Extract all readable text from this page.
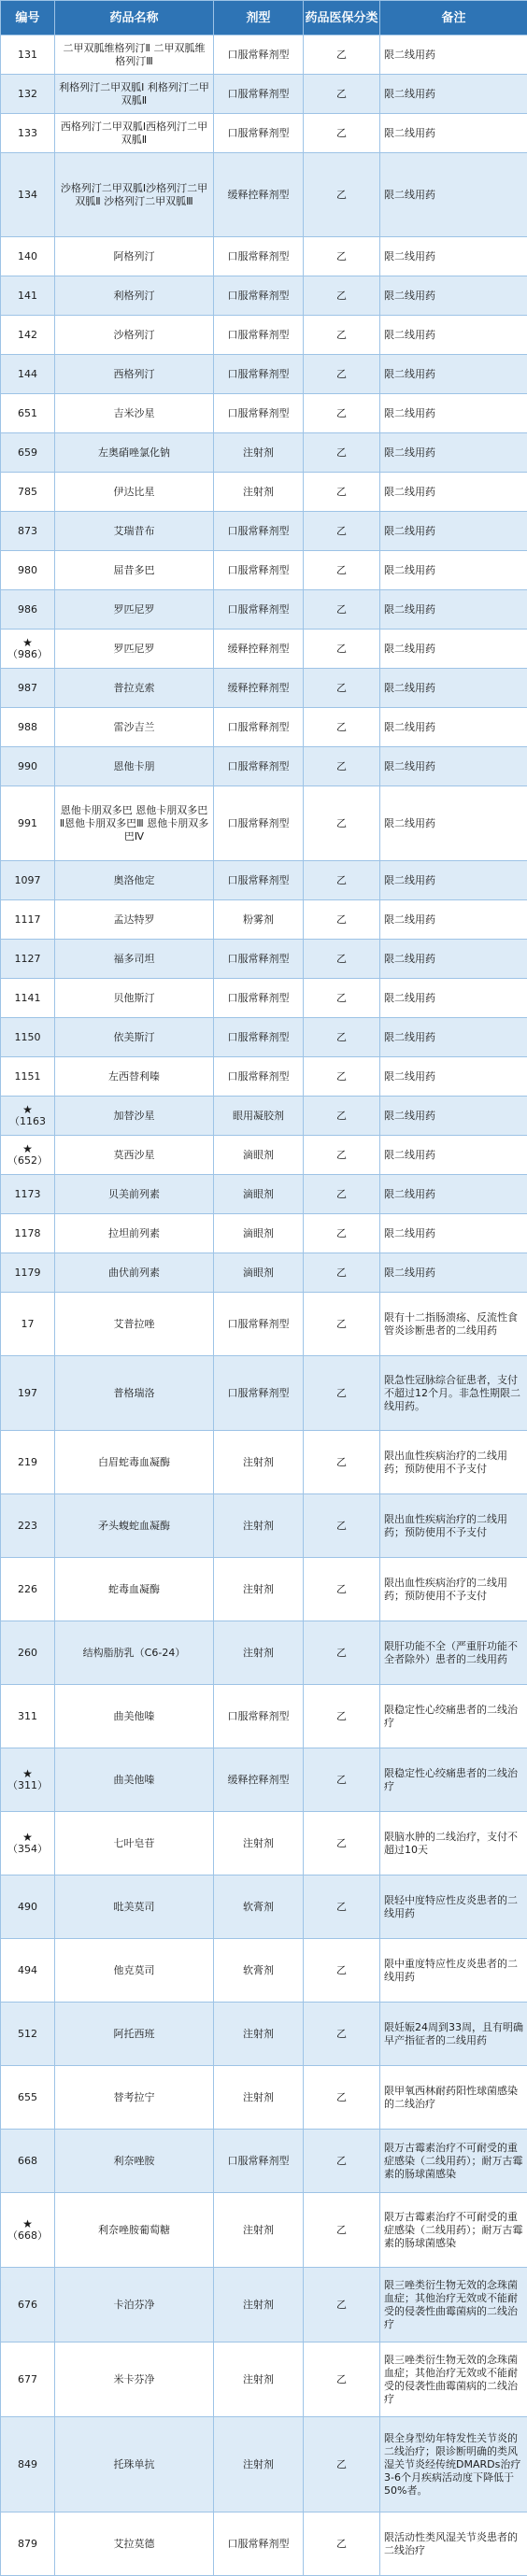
编号	药品名称	剂型	药品医保分类	备注

131	二甲双胍维格列汀Ⅱ 二甲双胍维格列汀Ⅲ	口服常释剂型	乙	限二线用药

132	利格列汀二甲双胍Ⅰ 利格列汀二甲双胍Ⅱ	口服常释剂型	乙	限二线用药

133	西格列汀二甲双胍Ⅰ西格列汀二甲双胍Ⅱ	口服常释剂型	乙	限二线用药

134	沙格列汀二甲双胍Ⅰ沙格列汀二甲双胍Ⅱ 沙格列汀二甲双胍Ⅲ	缓释控释剂型	乙	限二线用药

140	阿格列汀	口服常释剂型	乙	限二线用药

141	利格列汀	口服常释剂型	乙	限二线用药

142	沙格列汀	口服常释剂型	乙	限二线用药

144	西格列汀	口服常释剂型	乙	限二线用药

651	吉米沙星	口服常释剂型	乙	限二线用药

659	左奥硝唑氯化钠	注射剂	乙	限二线用药

785	伊达比星	注射剂	乙	限二线用药

873	艾瑞昔布	口服常释剂型	乙	限二线用药

980	屈昔多巴	口服常释剂型	乙	限二线用药

986	罗匹尼罗	口服常释剂型	乙	限二线用药

★
（986）	罗匹尼罗	缓释控释剂型	乙	限二线用药

987	普拉克索	缓释控释剂型	乙	限二线用药

988	雷沙吉兰	口服常释剂型	乙	限二线用药

990	恩他卡朋	口服常释剂型	乙	限二线用药

991	恩他卡朋双多巴 恩他卡朋双多巴Ⅱ恩他卡朋双多巴Ⅲ 恩他卡朋双多巴Ⅳ	口服常释剂型	乙	限二线用药

1097	奥洛他定	口服常释剂型	乙	限二线用药

1117	孟达特罗	粉雾剂	乙	限二线用药

1127	福多司坦	口服常释剂型	乙	限二线用药

1141	贝他斯汀	口服常释剂型	乙	限二线用药

1150	依美斯汀	口服常释剂型	乙	限二线用药

1151	左西替利嗪	口服常释剂型	乙	限二线用药

★
（1163	加替沙星	眼用凝胶剂	乙	限二线用药

★
（652）	莫西沙星	滴眼剂	乙	限二线用药

1173	贝美前列素	滴眼剂	乙	限二线用药

1178	拉坦前列素	滴眼剂	乙	限二线用药

1179	曲伏前列素	滴眼剂	乙	限二线用药

17	艾普拉唑	口服常释剂型	乙	限有十二指肠溃疡、反流性食管炎诊断患者的二线用药

197	普格瑞洛	口服常释剂型	乙	限急性冠脉综合征患者，支付不超过12个月。非急性期限二线用药。

219	白眉蛇毒血凝酶	注射剂	乙	限出血性疾病治疗的二线用药；预防使用不予支付

223	矛头蝮蛇血凝酶	注射剂	乙	限出血性疾病治疗的二线用药；预防使用不予支付

226	蛇毒血凝酶	注射剂	乙	限出血性疾病治疗的二线用药；预防使用不予支付

260	结构脂肪乳（C6-24）	注射剂	乙	限肝功能不全（严重肝功能不全者除外）患者的二线用药

311	曲美他嗪	口服常释剂型	乙	限稳定性心绞痛患者的二线治疗

★
（311）	曲美他嗪	缓释控释剂型	乙	限稳定性心绞痛患者的二线治疗

★
（354）	七叶皂苷	注射剂	乙	限脑水肿的二线治疗，支付不超过10天

490	吡美莫司	软膏剂	乙	限轻中度特应性皮炎患者的二线用药

494	他克莫司	软膏剂	乙	限中重度特应性皮炎患者的二线用药

512	阿托西班	注射剂	乙	限妊娠24周到33周，且有明确早产指征者的二线用药

655	替考拉宁	注射剂	乙	限甲氧西林耐药阳性球菌感染的二线治疗

668	利奈唑胺	口服常释剂型	乙	限万古霉素治疗不可耐受的重症感染（二线用药）；耐万古霉素的肠球菌感染

★
（668）	利奈唑胺葡萄糖	注射剂	乙	限万古霉素治疗不可耐受的重症感染（二线用药）；耐万古霉素的肠球菌感染

676	卡泊芬净	注射剂	乙	限三唑类衍生物无效的念珠菌血症；其他治疗无效或不能耐受的侵袭性曲霉菌病的二线治疗

677	米卡芬净	注射剂	乙	限三唑类衍生物无效的念珠菌血症；其他治疗无效或不能耐受的侵袭性曲霉菌病的二线治疗

849	托珠单抗	注射剂	乙	限全身型幼年特发性关节炎的二线治疗；限诊断明确的类风湿关节炎经传统DMARDs治疗3-6个月疾病活动度下降低于50%者。

879	艾拉莫德	口服常释剂型	乙	限活动性类风湿关节炎患者的二线治疗
